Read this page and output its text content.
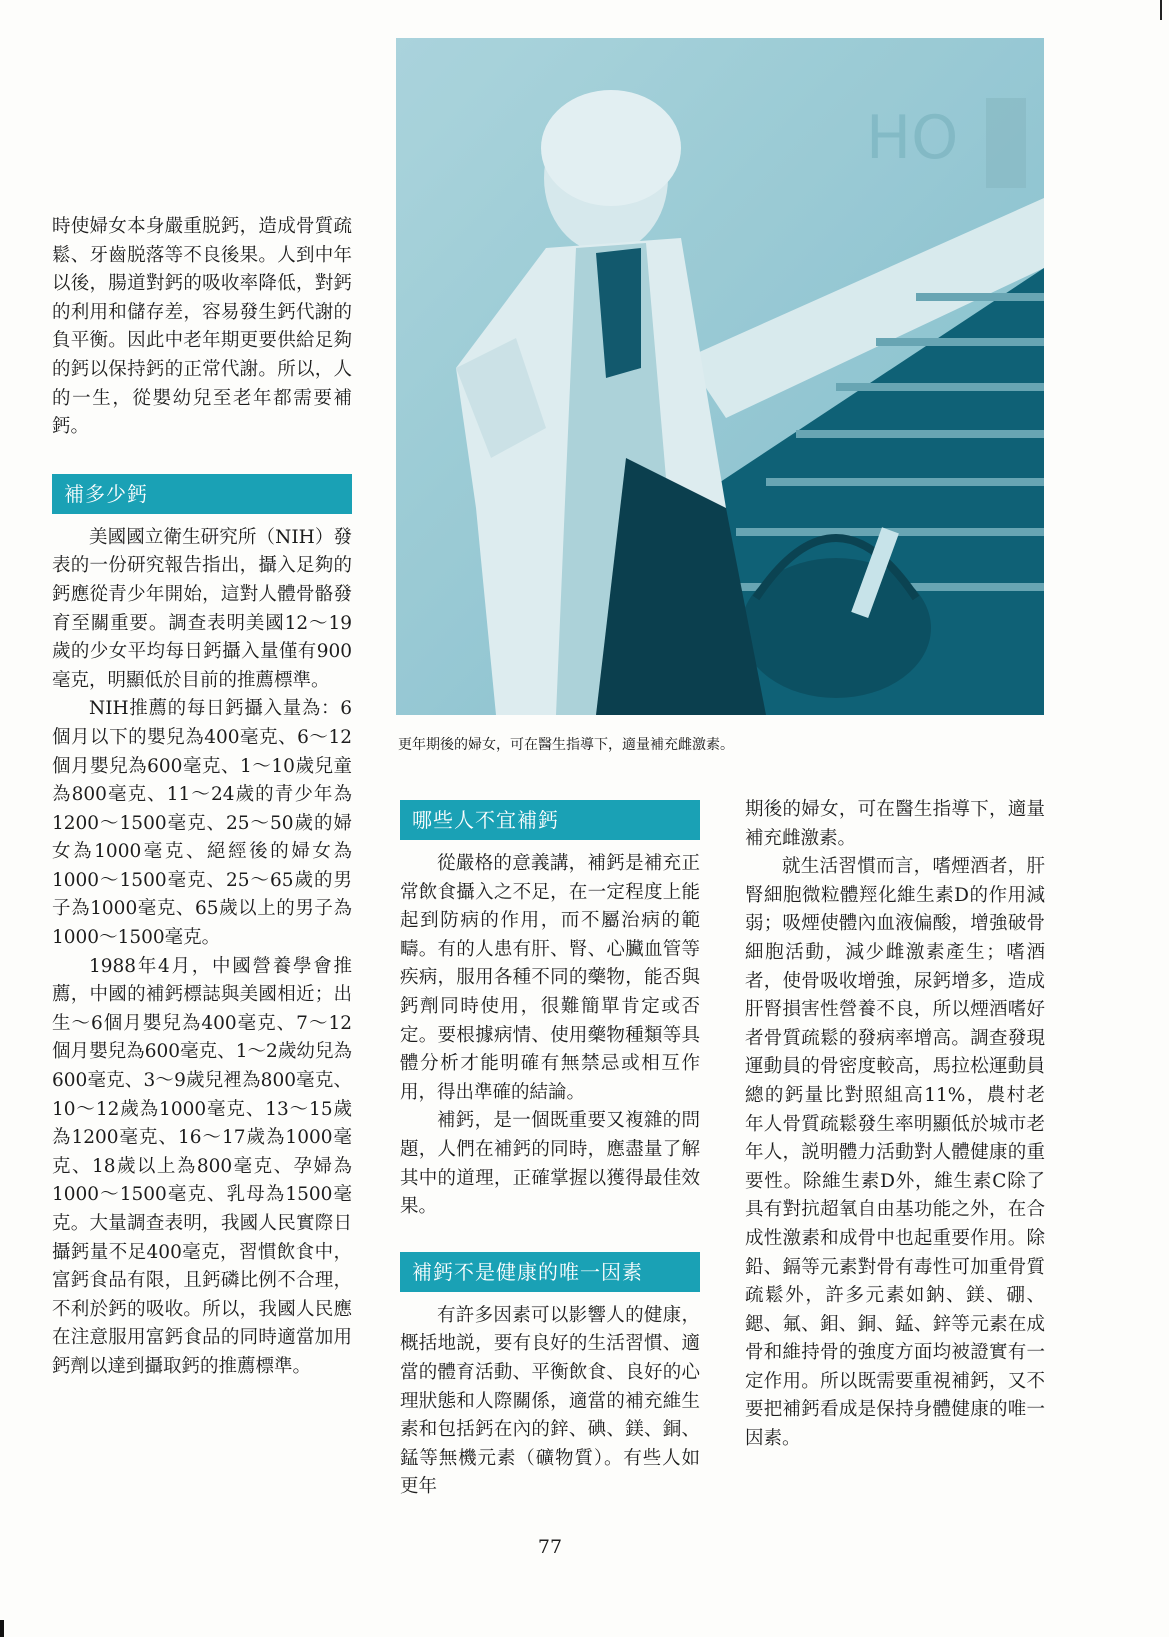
HO
更年期後的婦女，可在醫生指導下，適量補充雌激素。

時使婦女本身嚴重脱鈣，造成骨質疏鬆、牙齒脱落等不良後果。人到中年以後，腸道對鈣的吸收率降低，對鈣的利用和儲存差，容易發生鈣代謝的負平衡。因此中老年期更要供給足夠的鈣以保持鈣的正常代謝。所以，人的一生，從嬰幼兒至老年都需要補鈣。

補多少鈣

美國國立衛生研究所（NIH）發表的一份研究報告指出，攝入足夠的鈣應從青少年開始，這對人體骨骼發育至關重要。調查表明美國12～19歲的少女平均每日鈣攝入量僅有900毫克，明顯低於目前的推薦標準。

NIH推薦的每日鈣攝入量為：6個月以下的嬰兒為400毫克、6～12個月嬰兒為600毫克、1～10歲兒童為800毫克、11～24歲的青少年為1200～1500毫克、25～50歲的婦女為1000毫克、絕經後的婦女為1000～1500毫克、25～65歲的男子為1000毫克、65歲以上的男子為1000～1500毫克。

1988年4月，中國營養學會推薦，中國的補鈣標誌與美國相近；出生～6個月嬰兒為400毫克、7～12個月嬰兒為600毫克、1～2歲幼兒為600毫克、3～9歲兒裡為800毫克、10～12歲為1000毫克、13～15歲為1200毫克、16～17歲為1000毫克、18歲以上為800毫克、孕婦為1000～1500毫克、乳母為1500毫克。大量調查表明，我國人民實際日攝鈣量不足400毫克，習慣飲食中，富鈣食品有限，且鈣磷比例不合理，不利於鈣的吸收。所以，我國人民應在注意服用富鈣食品的同時適當加用鈣劑以達到攝取鈣的推薦標準。

哪些人不宜補鈣

從嚴格的意義講，補鈣是補充正常飲食攝入之不足，在一定程度上能起到防病的作用，而不屬治病的範疇。有的人患有肝、腎、心臟血管等疾病，服用各種不同的藥物，能否與鈣劑同時使用，很難簡單肯定或否定。要根據病情、使用藥物種類等具體分析才能明確有無禁忌或相互作用，得出準確的結論。

補鈣，是一個既重要又複雜的問題，人們在補鈣的同時，應盡量了解其中的道理，正確掌握以獲得最佳效果。

補鈣不是健康的唯一因素

有許多因素可以影響人的健康，概括地説，要有良好的生活習慣、適當的體育活動、平衡飲食、良好的心理狀態和人際關係，適當的補充維生素和包括鈣在內的鋅、碘、鎂、銅、錳等無機元素（礦物質）。有些人如更年

期後的婦女，可在醫生指導下，適量補充雌激素。

就生活習慣而言，嗜煙酒者，肝腎細胞微粒體羥化維生素D的作用減弱；吸煙使體內血液偏酸，增強破骨細胞活動，減少雌激素產生；嗜酒者，使骨吸收增強，尿鈣增多，造成肝腎損害性營養不良，所以煙酒嗜好者骨質疏鬆的發病率增高。調查發現運動員的骨密度較高，馬拉松運動員總的鈣量比對照組高11%，農村老年人骨質疏鬆發生率明顯低於城市老年人，説明體力活動對人體健康的重要性。除維生素D外，維生素C除了具有對抗超氧自由基功能之外，在合成性激素和成骨中也起重要作用。除鉛、鎘等元素對骨有毒性可加重骨質疏鬆外，許多元素如鈉、鎂、硼、鍶、氟、鉬、銅、錳、鋅等元素在成骨和維持骨的強度方面均被證實有一定作用。所以既需要重視補鈣，又不要把補鈣看成是保持身體健康的唯一因素。

77
